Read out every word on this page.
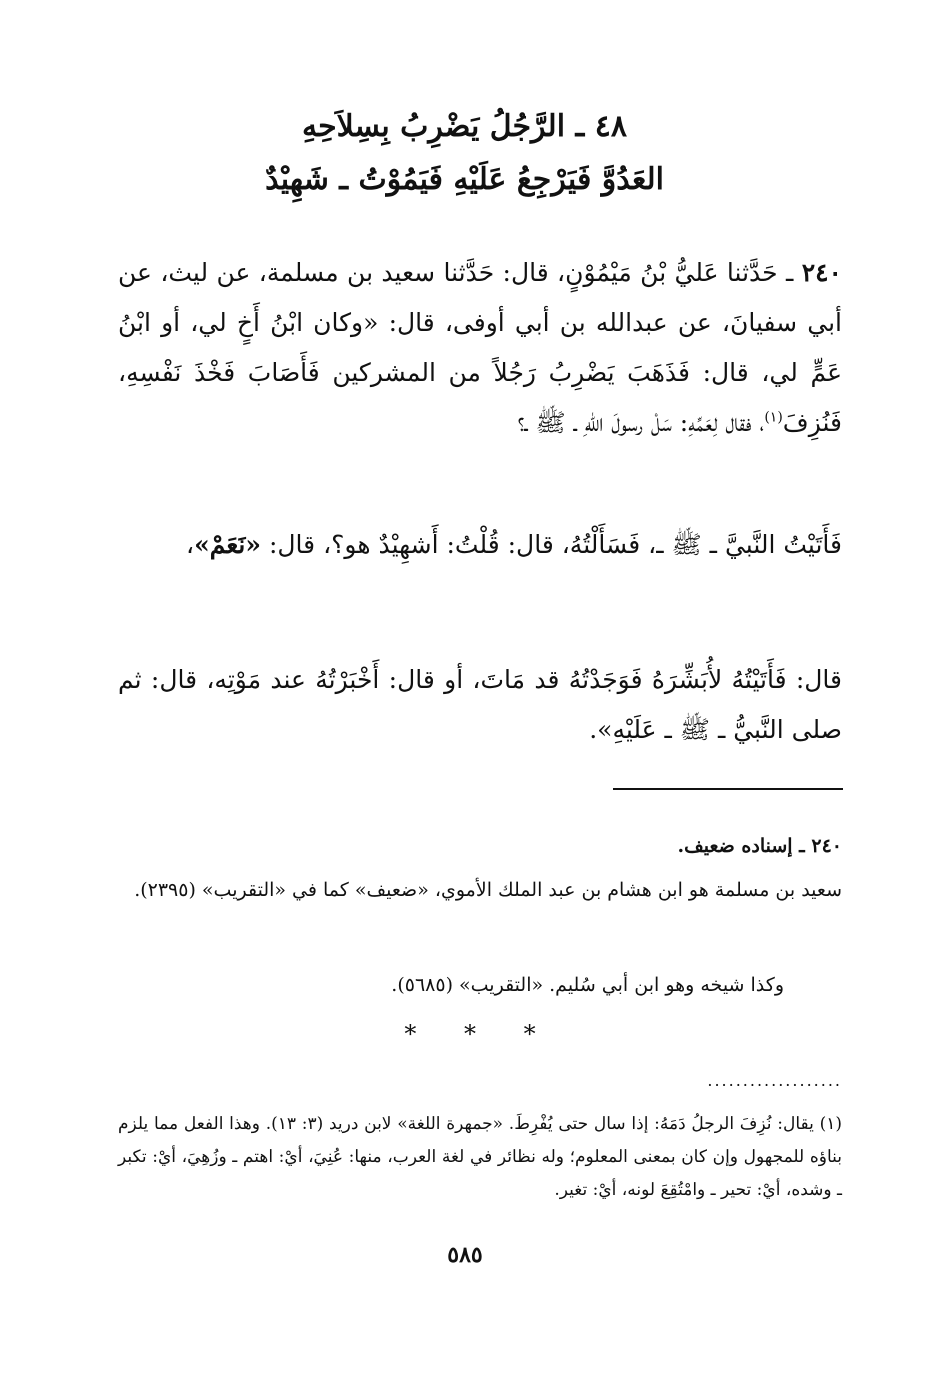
٤٨ ـ الرَّجُلُ يَضْرِبُ بِسِلاَحِهِ
العَدُوَّ فَيَرْجِعُ عَلَيْهِ فَيَمُوْتُ ـ شَهِيْدٌ

٢٤٠ ـ حَدَّثنا عَليُّ بْنُ مَيْمُوْنٍ، قال: حَدَّثنا سعيد بن مسلمة، عن ليث، عن أبي سفيانَ، عن عبدالله بن أبي أوفى، قال: «وكان ابْنُ أَخٍ لي، أو ابْنُ عَمٍّ لي، قال: فَذَهَبَ يَضْرِبُ رَجُلاً من المشركين فَأَصَابَ فَخْذَ نَفْسِهِ، فَنُزِفَ$^{(١)}$، فقال لِعَمِّهِ: سَلْ رسولَ اللهِ ـ ﷺ ـ؟

فَأَتَيْتُ النَّبيَّ ـ ﷺ ـ، فَسَأَلْتُهُ، قال: قُلْتُ: أَشهِيْدٌ هو؟، قال: «نَعَمْ»،

قال: فَأَتَيْتُهُ لأُبَشِّرَهُ فَوَجَدْتُهُ قد مَاتَ، أو قال: أَخْبَرْتُهُ عند مَوْتِه، قال: ثم صلى النَّبيُّ ـ ﷺ ـ عَلَيْهِ».

٢٤٠ ـ إسناده ضعيف.

سعيد بن مسلمة هو ابن هشام بن عبد الملك الأموي، «ضعيف» كما في «التقريب» (٢٣٩٥).

وكذا شيخه وهو ابن أبي سُليم. «التقريب» (٥٦٨٥).

* * *
...................

(١) يقال: نُزِفَ الرجلُ دَمَهُ: إذا سال حتى يُفْرِطَ. «جمهرة اللغة» لابن دريد (٣: ١٣). وهذا الفعل مما يلزم بناؤه للمجهول وإن كان بمعنى المعلوم؛ وله نظائر في لغة العرب، منها: عُنِيَ، أيْ: اهتم ـ وزُهِيَ، أيْ: تكبر ـ وشده، أيْ: تحير ـ وامْتُقِعَ لونه، أيْ: تغير.

٥٨٥
